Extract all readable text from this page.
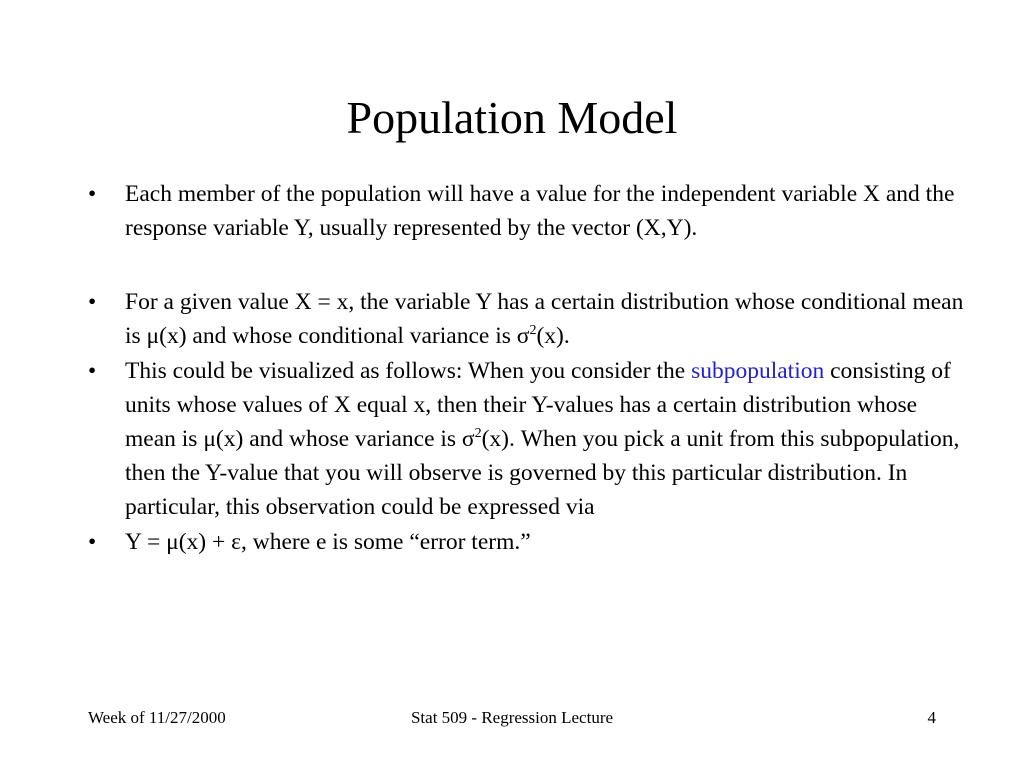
Population Model
• Each member of the population will have a value for the independent variable X and the response variable Y, usually represented by the vector (X,Y).
• For a given value X = x, the variable Y has a certain distribution whose conditional mean is μ(x) and whose conditional variance is $\sigma^2(x)$.
• This could be visualized as follows: When you consider the subpopulation consisting of units whose values of X equal x, then their Y-values has a certain distribution whose mean is μ(x) and whose variance is $\sigma^2(x)$. When you pick a unit from this subpopulation, then the Y-value that you will observe is governed by this particular distribution. In particular, this observation could be expressed via
• Y = μ(x) + ε, where e is some “error term.”
Week of 11/27/2000	Stat 509 - Regression Lecture	4
